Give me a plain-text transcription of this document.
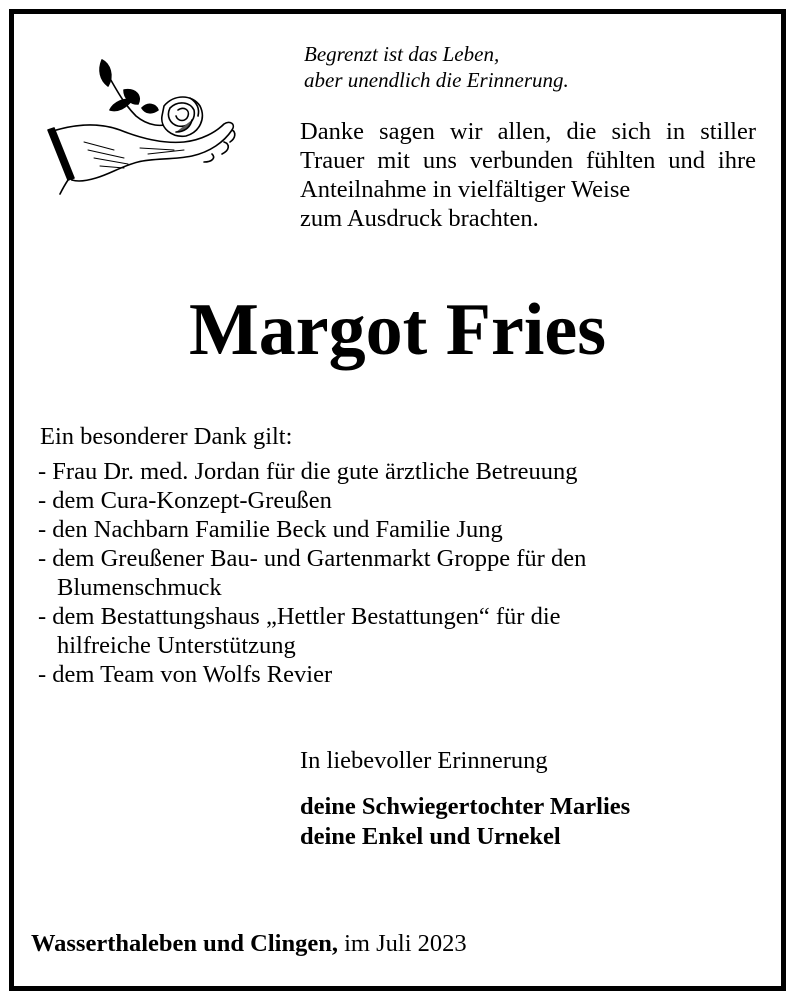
Begrenzt ist das Leben,
aber unendlich die Erinnerung.
Danke sagen wir allen, die sich in stiller Trauer mit uns verbunden fühlten und ihre Anteilnahme in vielfältiger Weise
zum Ausdruck brachten.
Margot Fries
Ein besonderer Dank gilt:
- Frau Dr. med. Jordan für die gute ärztliche Betreuung
- dem Cura-Konzept-Greußen
- den Nachbarn Familie Beck und Familie Jung
- dem Greußener Bau- und Gartenmarkt Groppe für den
Blumenschmuck
- dem Bestattungshaus „Hettler Bestattungen“ für die
hilfreiche Unterstützung
- dem Team von Wolfs Revier
In liebevoller Erinnerung
deine Schwiegertochter Marlies
deine Enkel und Urnekel
Wasserthaleben und Clingen, im Juli 2023
